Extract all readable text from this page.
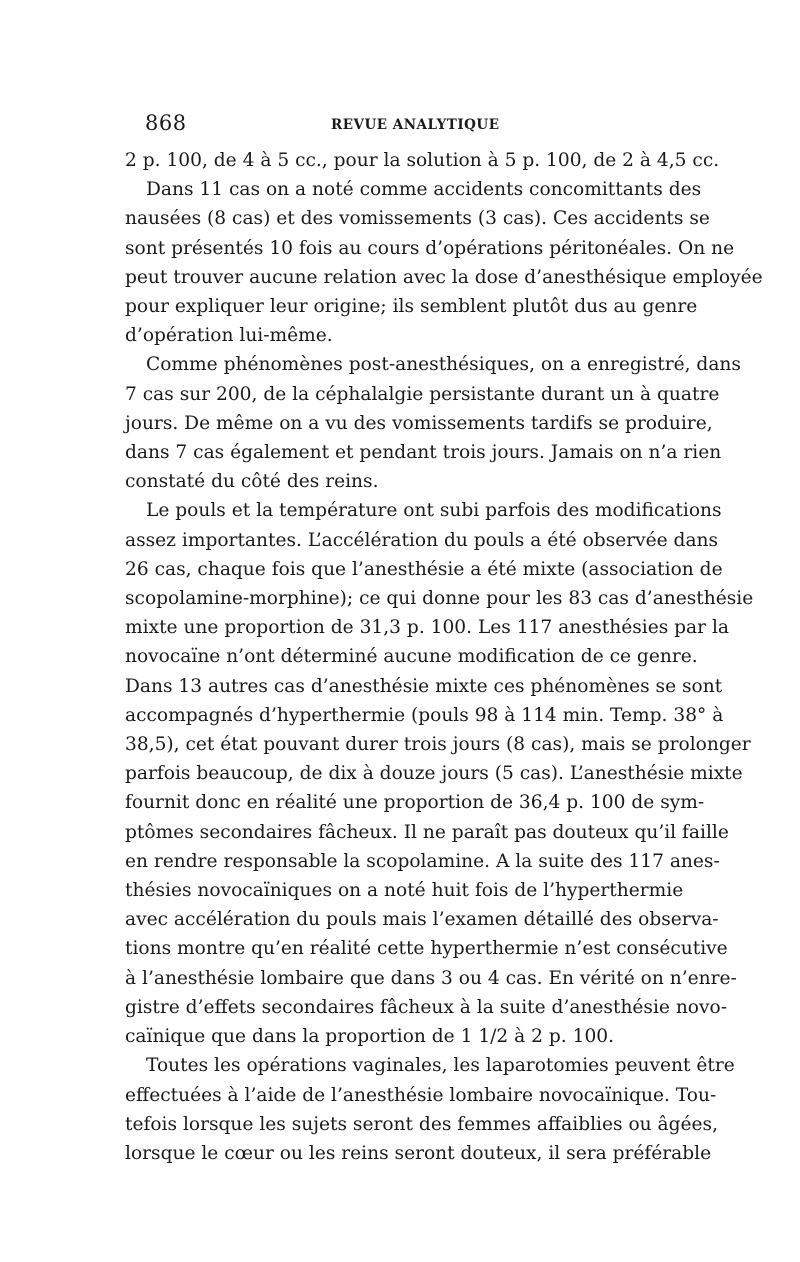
868	REVUE ANALYTIQUE
2 p. 100, de 4 à 5 cc., pour la solution à 5 p. 100, de 2 à 4,5 cc.
Dans 11 cas on a noté comme accidents concomittants des
nausées (8 cas) et des vomissements (3 cas). Ces accidents se
sont présentés 10 fois au cours d’opérations péritonéales. On ne
peut trouver aucune relation avec la dose d’anesthésique employée
pour expliquer leur origine; ils semblent plutôt dus au genre
d’opération lui-même.
Comme phénomènes post-anesthésiques, on a enregistré, dans
7 cas sur 200, de la céphalalgie persistante durant un à quatre
jours. De même on a vu des vomissements tardifs se produire,
dans 7 cas également et pendant trois jours. Jamais on n’a rien
constaté du côté des reins.
Le pouls et la température ont subi parfois des modifications
assez importantes. L’accélération du pouls a été observée dans
26 cas, chaque fois que l’anesthésie a été mixte (association de
scopolamine-morphine); ce qui donne pour les 83 cas d’anesthésie
mixte une proportion de 31,3 p. 100. Les 117 anesthésies par la
novocaïne n’ont déterminé aucune modification de ce genre.
Dans 13 autres cas d’anesthésie mixte ces phénomènes se sont
accompagnés d’hyperthermie (pouls 98 à 114 min. Temp. 38° à
38,5), cet état pouvant durer trois jours (8 cas), mais se prolonger
parfois beaucoup, de dix à douze jours (5 cas). L’anesthésie mixte
fournit donc en réalité une proportion de 36,4 p. 100 de sym-
ptômes secondaires fâcheux. Il ne paraît pas douteux qu’il faille
en rendre responsable la scopolamine. A la suite des 117 anes-
thésies novocaïniques on a noté huit fois de l’hyperthermie
avec accélération du pouls mais l’examen détaillé des observa-
tions montre qu’en réalité cette hyperthermie n’est consécutive
à l’anesthésie lombaire que dans 3 ou 4 cas. En vérité on n’enre-
gistre d’effets secondaires fâcheux à la suite d’anesthésie novo-
caïnique que dans la proportion de 1 1/2 à 2 p. 100.
Toutes les opérations vaginales, les laparotomies peuvent être
effectuées à l’aide de l’anesthésie lombaire novocaïnique. Tou-
tefois lorsque les sujets seront des femmes affaiblies ou âgées,
lorsque le cœur ou les reins seront douteux, il sera préférable
